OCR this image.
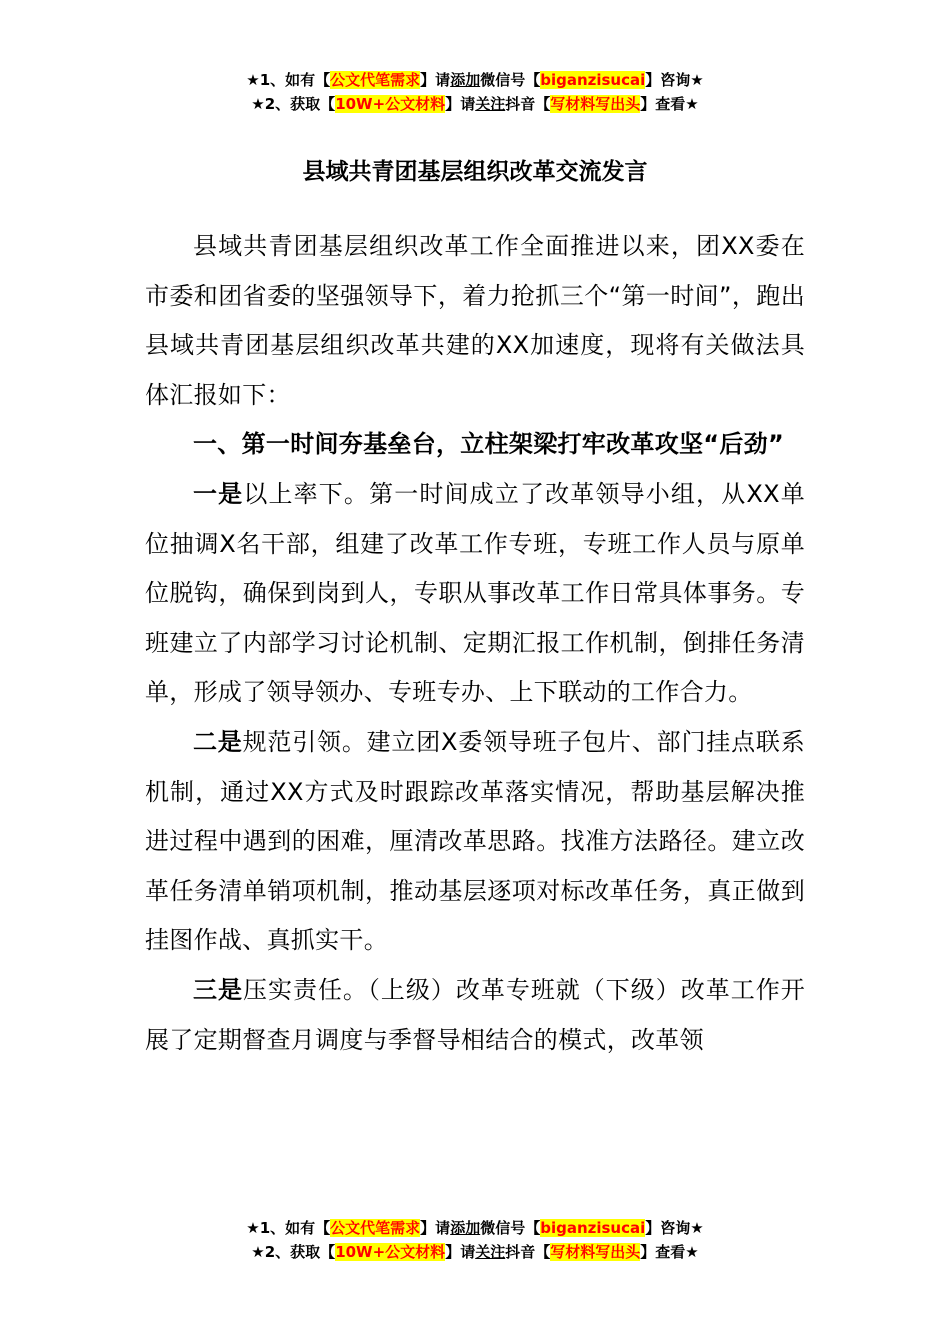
★1、如有【公文代笔需求】请添加微信号【biganzisucai】咨询★
★2、获取【10W+公文材料】请关注抖音【写材料写出头】查看★
县域共青团基层组织改革交流发言

县域共青团基层组织改革工作全面推进以来，团XX委在市委和团省委的坚强领导下，着力抢抓三个“第一时间”，跑出县域共青团基层组织改革共建的XX加速度，现将有关做法具体汇报如下：

一、第一时间夯基垒台，立柱架梁打牢改革攻坚“后劲”

一是以上率下。第一时间成立了改革领导小组，从XX单位抽调X名干部，组建了改革工作专班，专班工作人员与原单位脱钩，确保到岗到人，专职从事改革工作日常具体事务。专班建立了内部学习讨论机制、定期汇报工作机制，倒排任务清单，形成了领导领办、专班专办、上下联动的工作合力。

二是规范引领。建立团X委领导班子包片、部门挂点联系机制，通过XX方式及时跟踪改革落实情况，帮助基层解决推进过程中遇到的困难，厘清改革思路。找准方法路径。建立改革任务清单销项机制，推动基层逐项对标改革任务，真正做到挂图作战、真抓实干。

三是压实责任。（上级）改革专班就（下级）改革工作开展了定期督查月调度与季督导相结合的模式，改革领

★1、如有【公文代笔需求】请添加微信号【biganzisucai】咨询★
★2、获取【10W+公文材料】请关注抖音【写材料写出头】查看★
